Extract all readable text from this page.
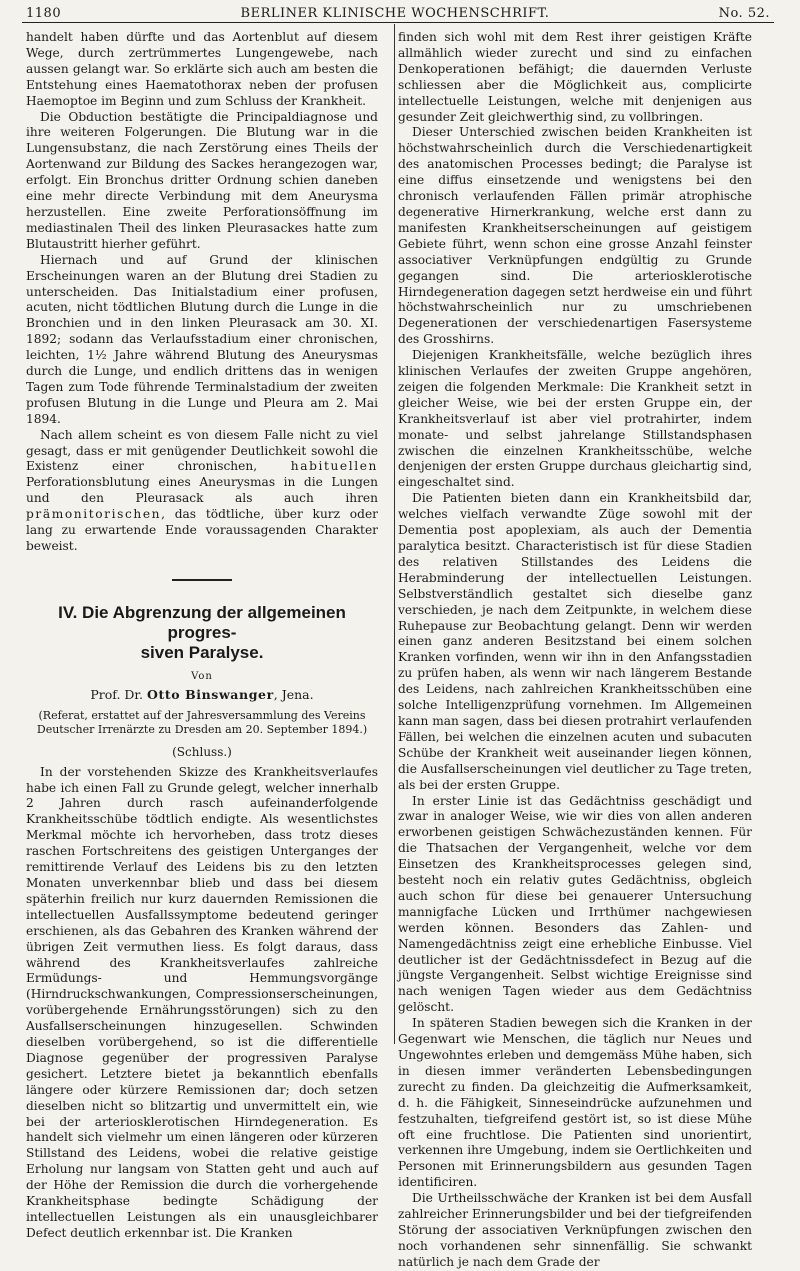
1180	BERLINER KLINISCHE WOCHENSCHRIFT.	No. 52.

handelt haben dürfte und das Aortenblut auf diesem Wege, durch zertrümmertes Lungengewebe, nach aussen gelangt war. So erklärte sich auch am besten die Entstehung eines Haematothorax neben der profusen Haemoptoe im Beginn und zum Schluss der Krankheit.

Die Obduction bestätigte die Principaldiagnose und ihre weiteren Folgerungen. Die Blutung war in die Lungensubstanz, die nach Zerstörung eines Theils der Aortenwand zur Bildung des Sackes herangezogen war, erfolgt. Ein Bronchus dritter Ordnung schien daneben eine mehr directe Verbindung mit dem Aneurysma herzustellen. Eine zweite Perforationsöffnung im mediastinalen Theil des linken Pleurasackes hatte zum Blutaustritt hierher geführt.

Hiernach und auf Grund der klinischen Erscheinungen waren an der Blutung drei Stadien zu unterscheiden. Das Initialstadium einer profusen, acuten, nicht tödtlichen Blutung durch die Lunge in die Bronchien und in den linken Pleurasack am 30. XI. 1892; sodann das Verlaufsstadium einer chronischen, leichten, 1½ Jahre während Blutung des Aneurysmas durch die Lunge, und endlich drittens das in wenigen Tagen zum Tode führende Terminalstadium der zweiten profusen Blutung in die Lunge und Pleura am 2. Mai 1894.

Nach allem scheint es von diesem Falle nicht zu viel gesagt, dass er mit genügender Deutlichkeit sowohl die Existenz einer chronischen, habituellen Perforationsblutung eines Aneurysmas in die Lungen und den Pleurasack als auch ihren prämonitorischen, das tödtliche, über kurz oder lang zu erwartende Ende voraussagenden Charakter beweist.

IV. Die Abgrenzung der allgemeinen progres-
siven Paralyse.
Von
Prof. Dr. Otto Binswanger, Jena.
(Referat, erstattet auf der Jahresversammlung des Vereins Deutscher Irrenärzte zu Dresden am 20. September 1894.)
(Schluss.)

In der vorstehenden Skizze des Krankheitsverlaufes habe ich einen Fall zu Grunde gelegt, welcher innerhalb 2 Jahren durch rasch aufeinanderfolgende Krankheitsschübe tödtlich endigte. Als wesentlichstes Merkmal möchte ich hervorheben, dass trotz dieses raschen Fortschreitens des geistigen Unterganges der remittirende Verlauf des Leidens bis zu den letzten Monaten unverkennbar blieb und dass bei diesem späterhin freilich nur kurz dauernden Remissionen die intellectuellen Ausfallssymptome bedeutend geringer erschienen, als das Gebahren des Kranken während der übrigen Zeit vermuthen liess. Es folgt daraus, dass während des Krankheitsverlaufes zahlreiche Ermüdungs- und Hemmungsvorgänge (Hirndruckschwankungen, Compressionserscheinungen, vorübergehende Ernährungsstörungen) sich zu den Ausfallserscheinungen hinzugesellen. Schwinden dieselben vorübergehend, so ist die differentielle Diagnose gegenüber der progressiven Paralyse gesichert. Letztere bietet ja bekanntlich ebenfalls längere oder kürzere Remissionen dar; doch setzen dieselben nicht so blitzartig und unvermittelt ein, wie bei der arteriosklerotischen Hirndegeneration. Es handelt sich vielmehr um einen längeren oder kürzeren Stillstand des Leidens, wobei die relative geistige Erholung nur langsam von Statten geht und auch auf der Höhe der Remission die durch die vorhergehende Krankheitsphase bedingte Schädigung der intellectuellen Leistungen als ein unausgleichbarer Defect deutlich erkennbar ist. Die Kranken

finden sich wohl mit dem Rest ihrer geistigen Kräfte allmählich wieder zurecht und sind zu einfachen Denkoperationen befähigt; die dauernden Verluste schliessen aber die Möglichkeit aus, complicirte intellectuelle Leistungen, welche mit denjenigen aus gesunder Zeit gleichwerthig sind, zu vollbringen.

Dieser Unterschied zwischen beiden Krankheiten ist höchstwahrscheinlich durch die Verschiedenartigkeit des anatomischen Processes bedingt; die Paralyse ist eine diffus einsetzende und wenigstens bei den chronisch verlaufenden Fällen primär atrophische degenerative Hirnerkrankung, welche erst dann zu manifesten Krankheitserscheinungen auf geistigem Gebiete führt, wenn schon eine grosse Anzahl feinster associativer Verknüpfungen endgültig zu Grunde gegangen sind. Die arteriosklerotische Hirndegeneration dagegen setzt herdweise ein und führt höchstwahrscheinlich nur zu umschriebenen Degenerationen der verschiedenartigen Fasersysteme des Grosshirns.

Diejenigen Krankheitsfälle, welche bezüglich ihres klinischen Verlaufes der zweiten Gruppe angehören, zeigen die folgenden Merkmale: Die Krankheit setzt in gleicher Weise, wie bei der ersten Gruppe ein, der Krankheitsverlauf ist aber viel protrahirter, indem monate- und selbst jahrelange Stillstandsphasen zwischen die einzelnen Krankheitsschübe, welche denjenigen der ersten Gruppe durchaus gleichartig sind, eingeschaltet sind.

Die Patienten bieten dann ein Krankheitsbild dar, welches vielfach verwandte Züge sowohl mit der Dementia post apoplexiam, als auch der Dementia paralytica besitzt. Characteristisch ist für diese Stadien des relativen Stillstandes des Leidens die Herabminderung der intellectuellen Leistungen. Selbstverständlich gestaltet sich dieselbe ganz verschieden, je nach dem Zeitpunkte, in welchem diese Ruhepause zur Beobachtung gelangt. Denn wir werden einen ganz anderen Besitzstand bei einem solchen Kranken vorfinden, wenn wir ihn in den Anfangsstadien zu prüfen haben, als wenn wir nach längerem Bestande des Leidens, nach zahlreichen Krankheitsschüben eine solche Intelligenzprüfung vornehmen. Im Allgemeinen kann man sagen, dass bei diesen protrahirt verlaufenden Fällen, bei welchen die einzelnen acuten und subacuten Schübe der Krankheit weit auseinander liegen können, die Ausfallserscheinungen viel deutlicher zu Tage treten, als bei der ersten Gruppe.

In erster Linie ist das Gedächtniss geschädigt und zwar in analoger Weise, wie wir dies von allen anderen erworbenen geistigen Schwächezuständen kennen. Für die Thatsachen der Vergangenheit, welche vor dem Einsetzen des Krankheitsprocesses gelegen sind, besteht noch ein relativ gutes Gedächtniss, obgleich auch schon für diese bei genauerer Untersuchung mannigfache Lücken und Irrthümer nachgewiesen werden können. Besonders das Zahlen- und Namengedächtniss zeigt eine erhebliche Einbusse. Viel deutlicher ist der Gedächtnissdefect in Bezug auf die jüngste Vergangenheit. Selbst wichtige Ereignisse sind nach wenigen Tagen wieder aus dem Gedächtniss gelöscht.

In späteren Stadien bewegen sich die Kranken in der Gegenwart wie Menschen, die täglich nur Neues und Ungewohntes erleben und demgemäss Mühe haben, sich in diesen immer veränderten Lebensbedingungen zurecht zu finden. Da gleichzeitig die Aufmerksamkeit, d. h. die Fähigkeit, Sinneseindrücke aufzunehmen und festzuhalten, tiefgreifend gestört ist, so ist diese Mühe oft eine fruchtlose. Die Patienten sind unorientirt, verkennen ihre Umgebung, indem sie Oertlichkeiten und Personen mit Erinnerungsbildern aus gesunden Tagen identificiren.

Die Urtheilsschwäche der Kranken ist bei dem Ausfall zahlreicher Erinnerungsbilder und bei der tiefgreifenden Störung der associativen Verknüpfungen zwischen den noch vorhandenen sehr sinnenfällig. Sie schwankt natürlich je nach dem Grade der
